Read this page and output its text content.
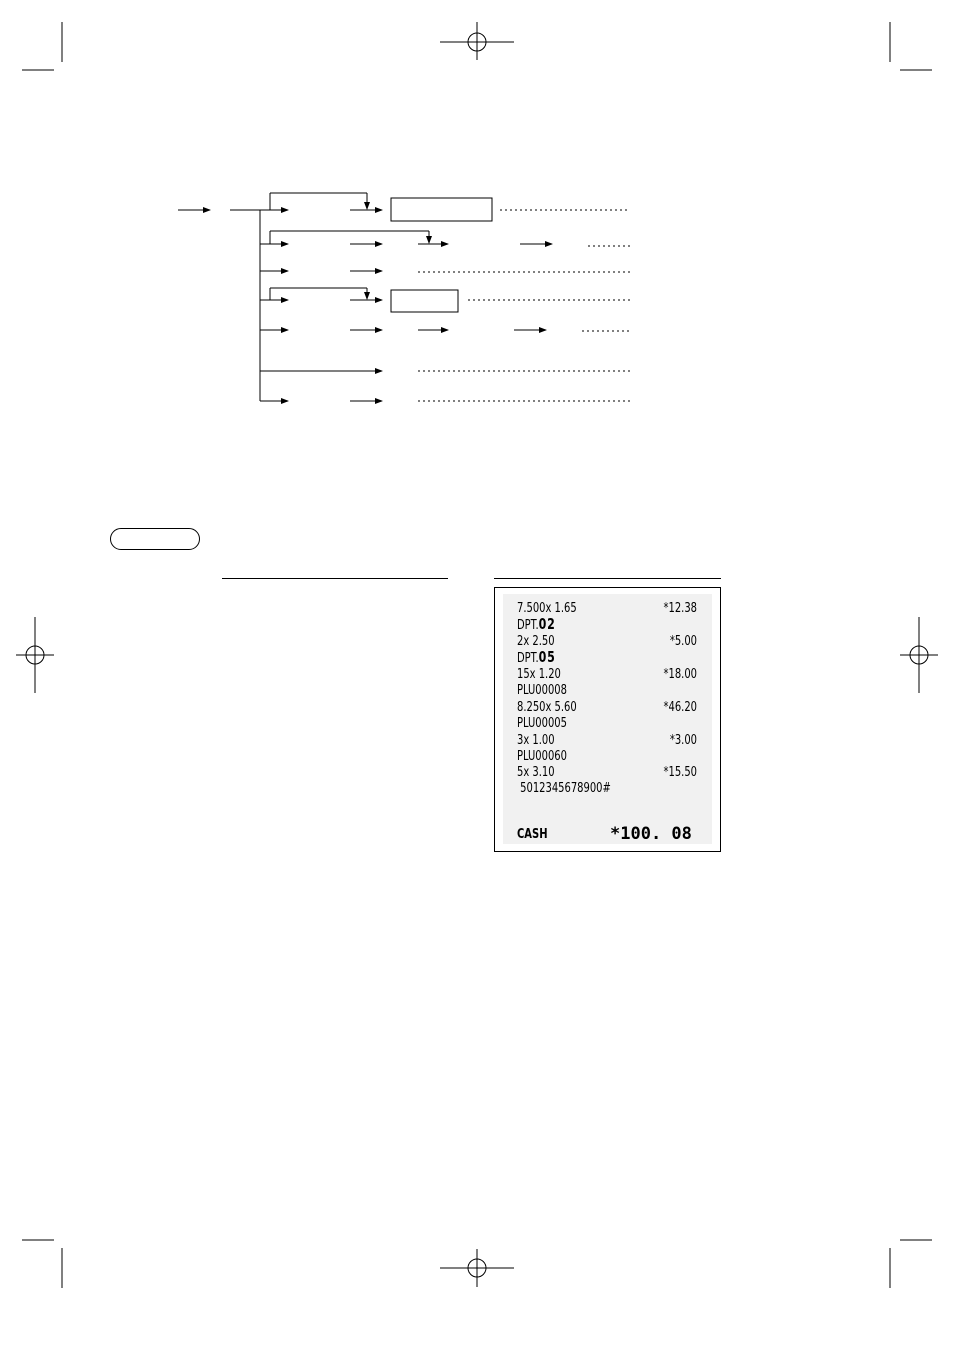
7.500x 1.65	*12.38
DPT.02
2x 2.50	*5.00
DPT.05
15x 1.20	*18.00
PLU00008
8.250x 5.60	*46.20
PLU00005
3x 1.00	*3.00
PLU00060
5x 3.10	*15.50
5012345678900#
CASH	*100. 08
